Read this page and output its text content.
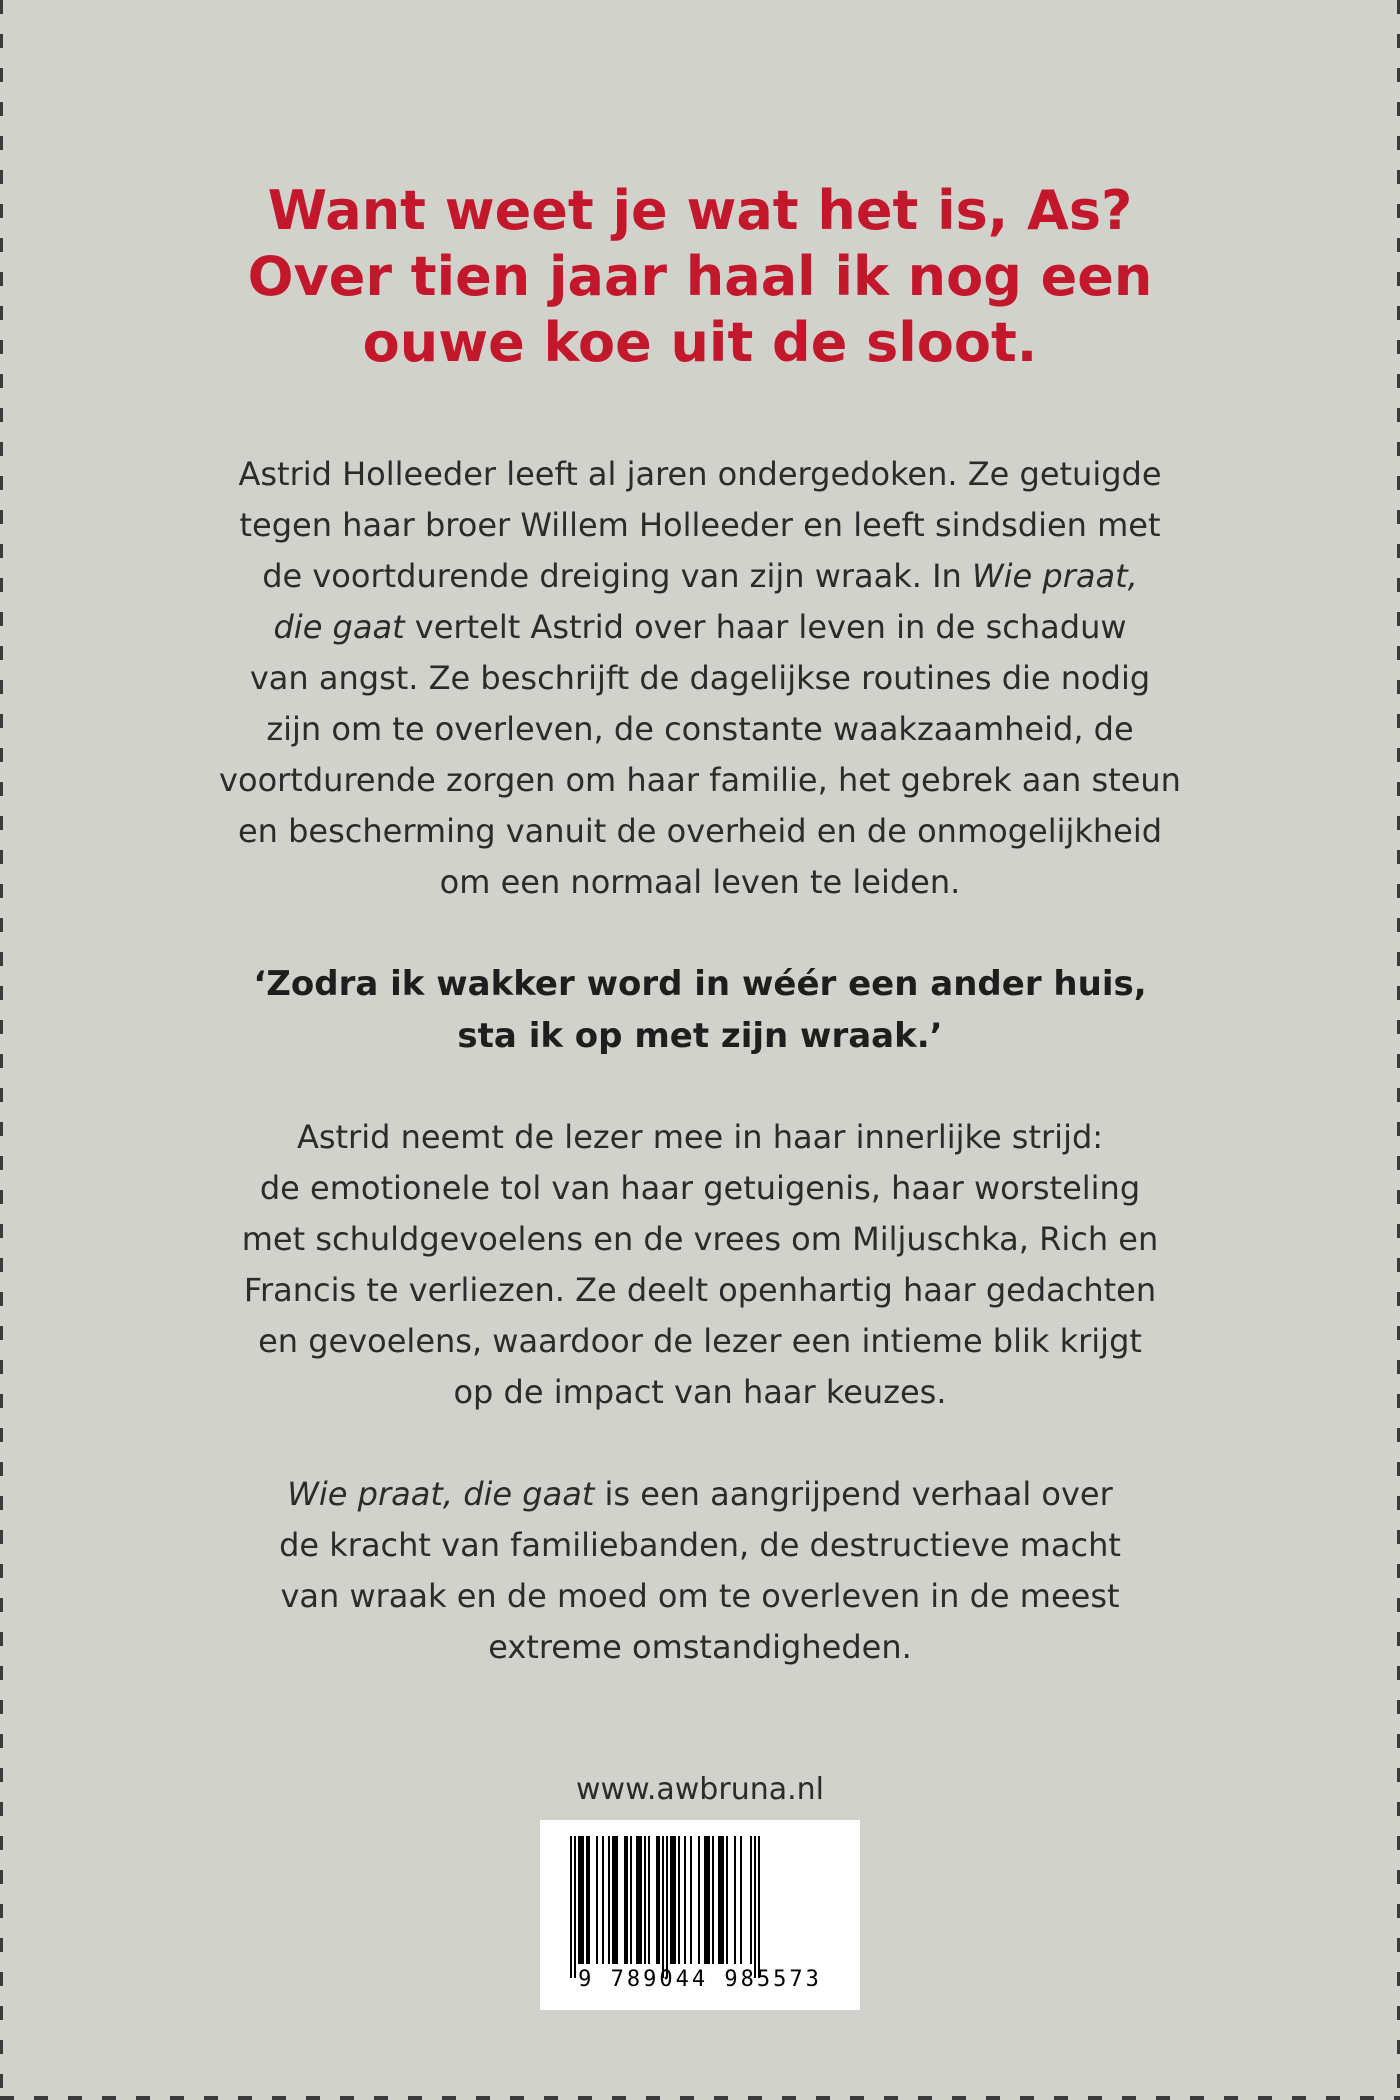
Want weet je wat het is, As?
Over tien jaar haal ik nog een
ouwe koe uit de sloot.

Astrid Holleeder leeft al jaren ondergedoken. Ze getuigde
tegen haar broer Willem Holleeder en leeft sindsdien met
de voortdurende dreiging van zijn wraak. In Wie praat,
die gaat vertelt Astrid over haar leven in de schaduw
van angst. Ze beschrijft de dagelijkse routines die nodig
zijn om te overleven, de constante waakzaamheid, de
voortdurende zorgen om haar familie, het gebrek aan steun
en bescherming vanuit de overheid en de onmogelijkheid
om een normaal leven te leiden.

‘Zodra ik wakker word in wéér een ander huis,
sta ik op met zijn wraak.’

Astrid neemt de lezer mee in haar innerlijke strijd:
de emotionele tol van haar getuigenis, haar worsteling
met schuldgevoelens en de vrees om Miljuschka, Rich en
Francis te verliezen. Ze deelt openhartig haar gedachten
en gevoelens, waardoor de lezer een intieme blik krijgt
op de impact van haar keuzes.

Wie praat, die gaat is een aangrijpend verhaal over
de kracht van familiebanden, de destructieve macht
van wraak en de moed om te overleven in de meest
extreme omstandigheden.

www.awbruna.nl
9 789044 985573
